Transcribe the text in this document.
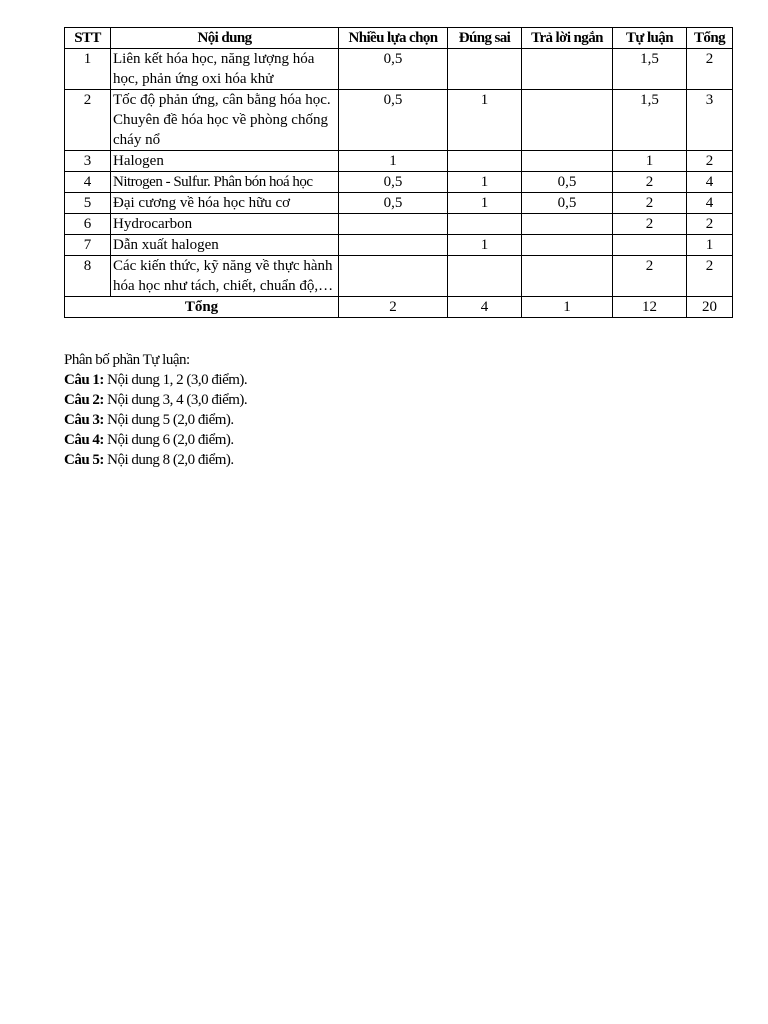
STT	Nội dung	Nhiều lựa chọn	Đúng sai	Trả lời ngắn	Tự luận	Tổng
1	Liên kết hóa học, năng lượng hóa học, phản ứng oxi hóa khử	0,5			1,5	2
2	Tốc độ phản ứng, cân bằng hóa học. Chuyên đề hóa học về phòng chống cháy nổ	0,5	1		1,5	3
3	Halogen	1			1	2
4	Nitrogen - Sulfur. Phân bón hoá học	0,5	1	0,5	2	4
5	Đại cương về hóa học hữu cơ	0,5	1	0,5	2	4
6	Hydrocarbon				2	2
7	Dẫn xuất halogen		1			1
8	Các kiến thức, kỹ năng về thực hành hóa học như tách, chiết, chuẩn độ,…				2	2
Tổng		2	4	1	12	20

Phân bố phần Tự luận:

Câu 1: Nội dung 1, 2 (3,0 điểm).

Câu 2: Nội dung 3, 4 (3,0 điểm).

Câu 3: Nội dung 5 (2,0 điểm).

Câu 4: Nội dung 6 (2,0 điểm).

Câu 5: Nội dung 8 (2,0 điểm).
